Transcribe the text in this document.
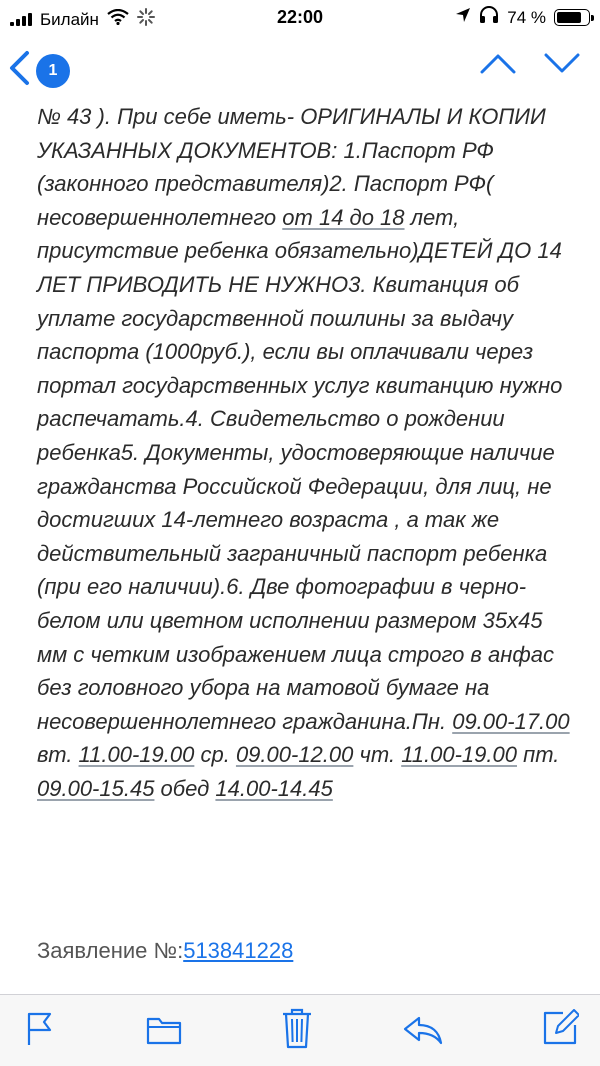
Билайн	22:00	74 %
1

№ 43 ). При себе иметь- ОРИГИНАЛЫ И КОПИИ УКАЗАННЫХ ДОКУМЕНТОВ: 1.Паспорт РФ (законного представителя)2. Паспорт РФ( несовершеннолетнего от 14 до 18 лет, присутствие ребенка обязательно)ДЕТЕЙ ДО 14 ЛЕТ ПРИВОДИТЬ НЕ НУЖНО3. Квитанция об уплате государственной пошлины за выдачу паспорта (1000руб.), если вы оплачивали через портал государственных услуг квитанцию нужно распечатать.4. Свидетельство о рождении ребенка5. Документы, удостоверяющие наличие гражданства Российской Федерации, для лиц, не достигших 14-летнего возраста , а так же действительный заграничный паспорт ребенка (при его наличии).6. Две фотографии в черно-белом или цветном исполнении размером 35х45 мм с четким изображением лица строго в анфас без головного убора на матовой бумаге на несовершеннолетнего гражданина.Пн. 09.00-17.00 вт. 11.00-19.00 ср. 09.00-12.00 чт. 11.00-19.00 пт. 09.00-15.45 обед 14.00-14.45

Заявление №:513841228
